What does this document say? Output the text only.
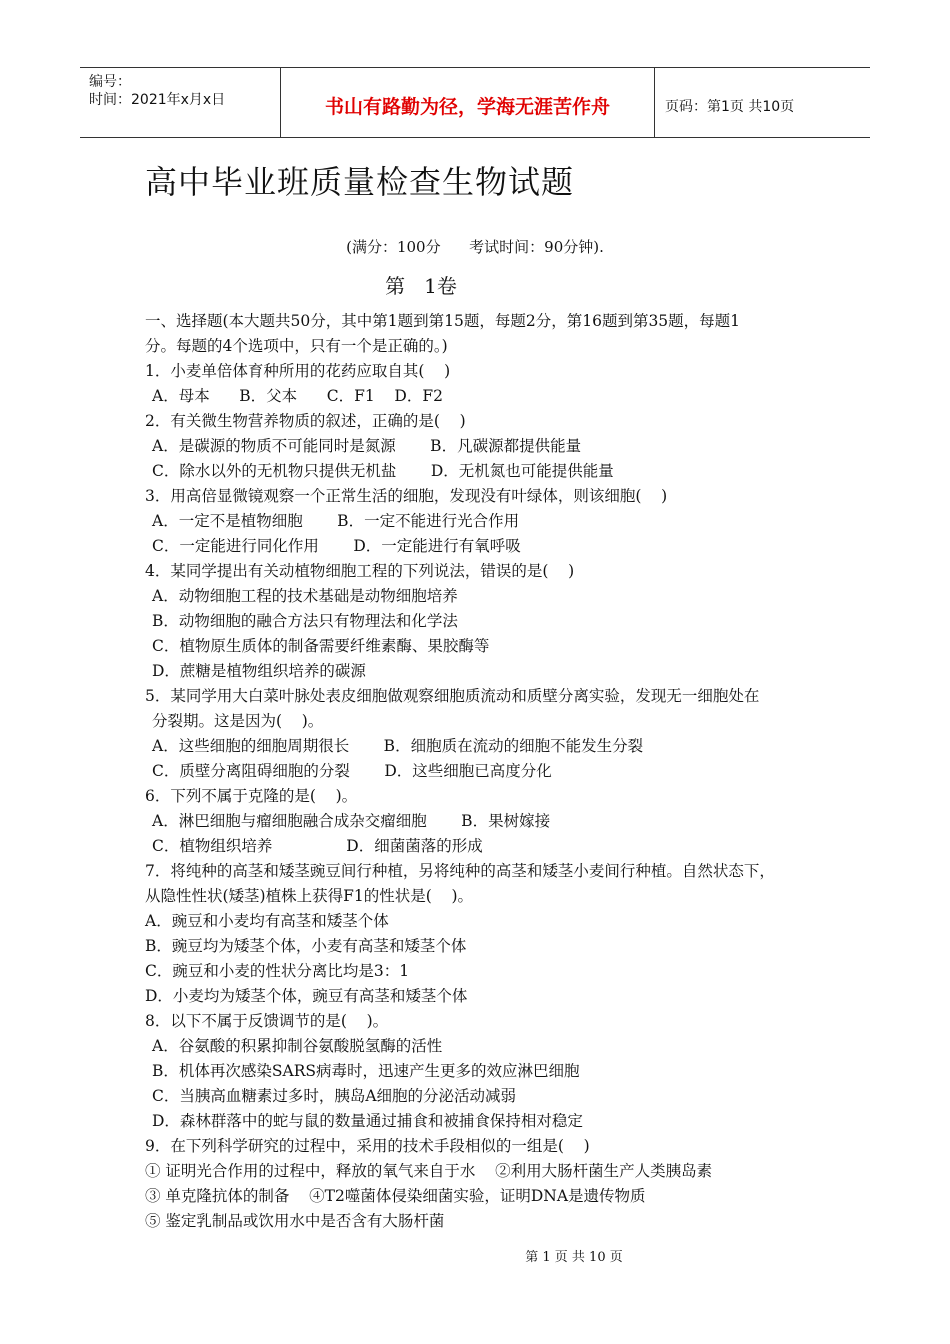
编号：
时间：2021年x月x日	书山有路勤为径，学海无涯苦作舟	页码：第1页 共10页
高中毕业班质量检查生物试题
(满分：100分      考试时间：90分钟).
第   1卷
一、选择题(本大题共50分，其中第1题到第15题，每题2分，第16题到第35题，每题1
分。每题的4个选项中，只有一个是正确的。)
1．小麦单倍体育种所用的花药应取自其(    )
A．母本      B．父本      C．F1    D．F2
2．有关微生物营养物质的叙述，正确的是(    )
A．是碳源的物质不可能同时是氮源       B．凡碳源都提供能量
C．除水以外的无机物只提供无机盐       D．无机氮也可能提供能量
3．用高倍显微镜观察一个正常生活的细胞，发现没有叶绿体，则该细胞(    )
A．一定不是植物细胞       B．一定不能进行光合作用
C．一定能进行同化作用       D．一定能进行有氧呼吸
4．某同学提出有关动植物细胞工程的下列说法，错误的是(    )
A．动物细胞工程的技术基础是动物细胞培养
B．动物细胞的融合方法只有物理法和化学法
C．植物原生质体的制备需要纤维素酶、果胶酶等
D．蔗糖是植物组织培养的碳源
5．某同学用大白菜叶脉处表皮细胞做观察细胞质流动和质壁分离实验，发现无一细胞处在
分裂期。这是因为(    )。
A．这些细胞的细胞周期很长       B．细胞质在流动的细胞不能发生分裂
C．质壁分离阻碍细胞的分裂       D．这些细胞已高度分化
6．下列不属于克隆的是(    )。
A．淋巴细胞与瘤细胞融合成杂交瘤细胞       B．果树嫁接
C．植物组织培养               D．细菌菌落的形成
7．将纯种的高茎和矮茎豌豆间行种植，另将纯种的高茎和矮茎小麦间行种植。自然状态下，
从隐性性状(矮茎)植株上获得F1的性状是(    )。
A．豌豆和小麦均有高茎和矮茎个体
B．豌豆均为矮茎个体，小麦有高茎和矮茎个体
C．豌豆和小麦的性状分离比均是3：1
D．小麦均为矮茎个体，豌豆有高茎和矮茎个体
8．以下不属于反馈调节的是(    )。
A．谷氨酸的积累抑制谷氨酸脱氢酶的活性
B．机体再次感染SARS病毒时，迅速产生更多的效应淋巴细胞
C．当胰高血糖素过多时，胰岛A细胞的分泌活动减弱
D．森林群落中的蛇与鼠的数量通过捕食和被捕食保持相对稳定
9．在下列科学研究的过程中，采用的技术手段相似的一组是(    )
① 证明光合作用的过程中，释放的氧气来自于水    ②利用大肠杆菌生产人类胰岛素
③ 单克隆抗体的制备    ④T2噬菌体侵染细菌实验，证明DNA是遗传物质
⑤ 鉴定乳制品或饮用水中是否含有大肠杆菌
第 1 页 共 10 页
